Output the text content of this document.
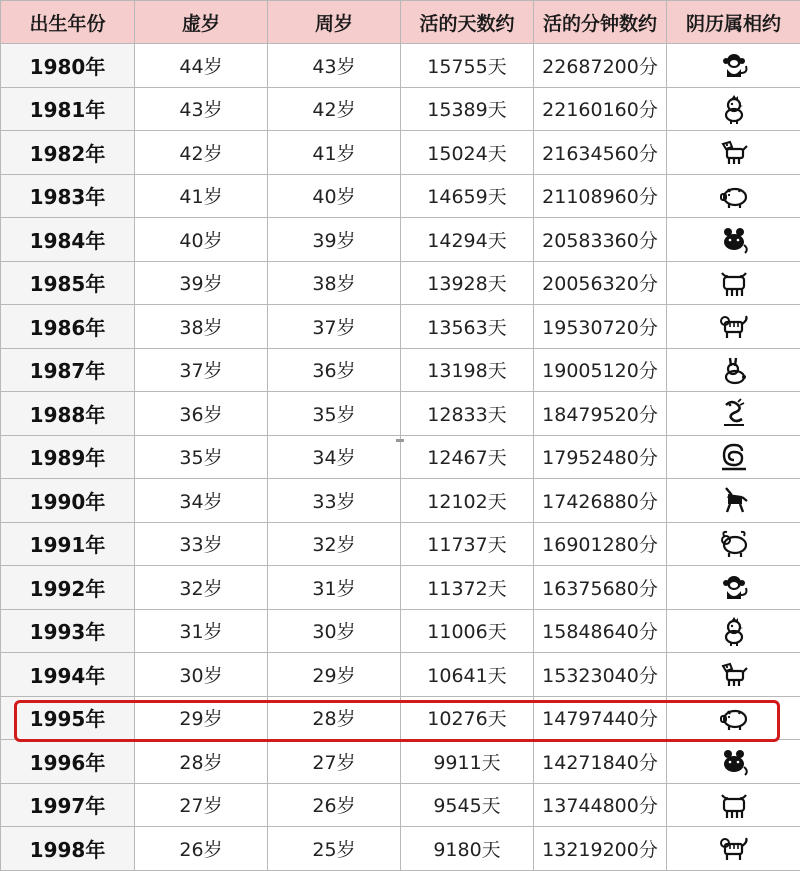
出生年份	虚岁	周岁	活的天数约	活的分钟数约	阴历属相约
1980年	44岁	43岁	15755天	22687200分	
1981年	43岁	42岁	15389天	22160160分	
1982年	42岁	41岁	15024天	21634560分	
1983年	41岁	40岁	14659天	21108960分	
1984年	40岁	39岁	14294天	20583360分	
1985年	39岁	38岁	13928天	20056320分	
1986年	38岁	37岁	13563天	19530720分	
1987年	37岁	36岁	13198天	19005120分	
1988年	36岁	35岁	12833天	18479520分	
1989年	35岁	34岁	12467天	17952480分	
1990年	34岁	33岁	12102天	17426880分	
1991年	33岁	32岁	11737天	16901280分	
1992年	32岁	31岁	11372天	16375680分	
1993年	31岁	30岁	11006天	15848640分	
1994年	30岁	29岁	10641天	15323040分	
1995年	29岁	28岁	10276天	14797440分	
1996年	28岁	27岁	9911天	14271840分	
1997年	27岁	26岁	9545天	13744800分	
1998年	26岁	25岁	9180天	13219200分	
